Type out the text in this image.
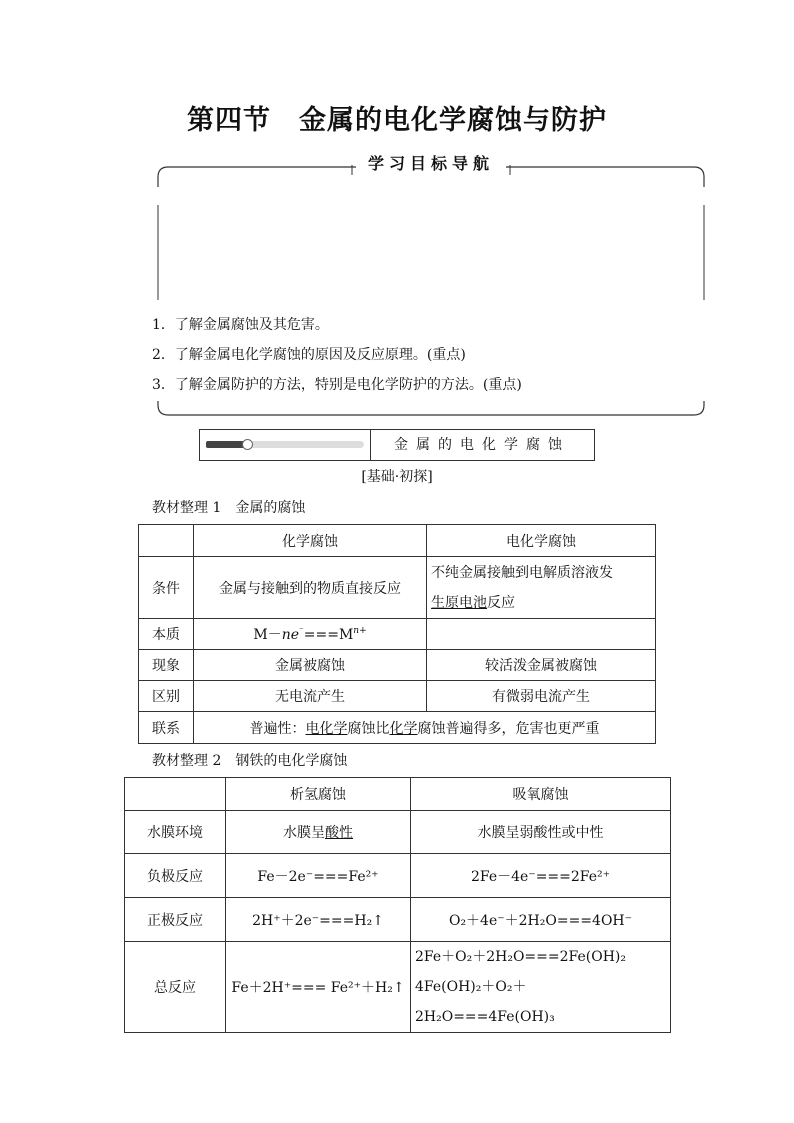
第四节　金属的电化学腐蚀与防护
学习目标导航
1．了解金属腐蚀及其危害。
2．了解金属电化学腐蚀的原因及反应原理。(重点)
3．了解金属防护的方法，特别是电化学防护的方法。(重点)
金属的电化学腐蚀
[基础·初探]
教材整理 1　金属的腐蚀
	化学腐蚀	电化学腐蚀
条件	金属与接触到的物质直接反应	不纯金属接触到电解质溶液发
生原电池反应
本质	$M-ne^{^-}===M^{n+}$	
现象	金属被腐蚀	较活泼金属被腐蚀
区别	无电流产生	有微弱电流产生
联系	普遍性：电化学腐蚀比化学腐蚀普遍得多，危害也更严重	
教材整理 2　钢铁的电化学腐蚀
	析氢腐蚀	吸氧腐蚀
水膜环境	水膜呈酸性	水膜呈弱酸性或中性
负极反应	Fe－2e⁻===Fe²⁺	2Fe－4e⁻===2Fe²⁺
正极反应	2H⁺＋2e⁻===H₂↑	O₂＋4e⁻＋2H₂O===4OH⁻
总反应	Fe＋2H⁺=== Fe²⁺＋H₂↑	2Fe＋O₂＋2H₂O===2Fe(OH)₂
4Fe(OH)₂＋O₂＋2H₂O===4Fe(OH)₃
